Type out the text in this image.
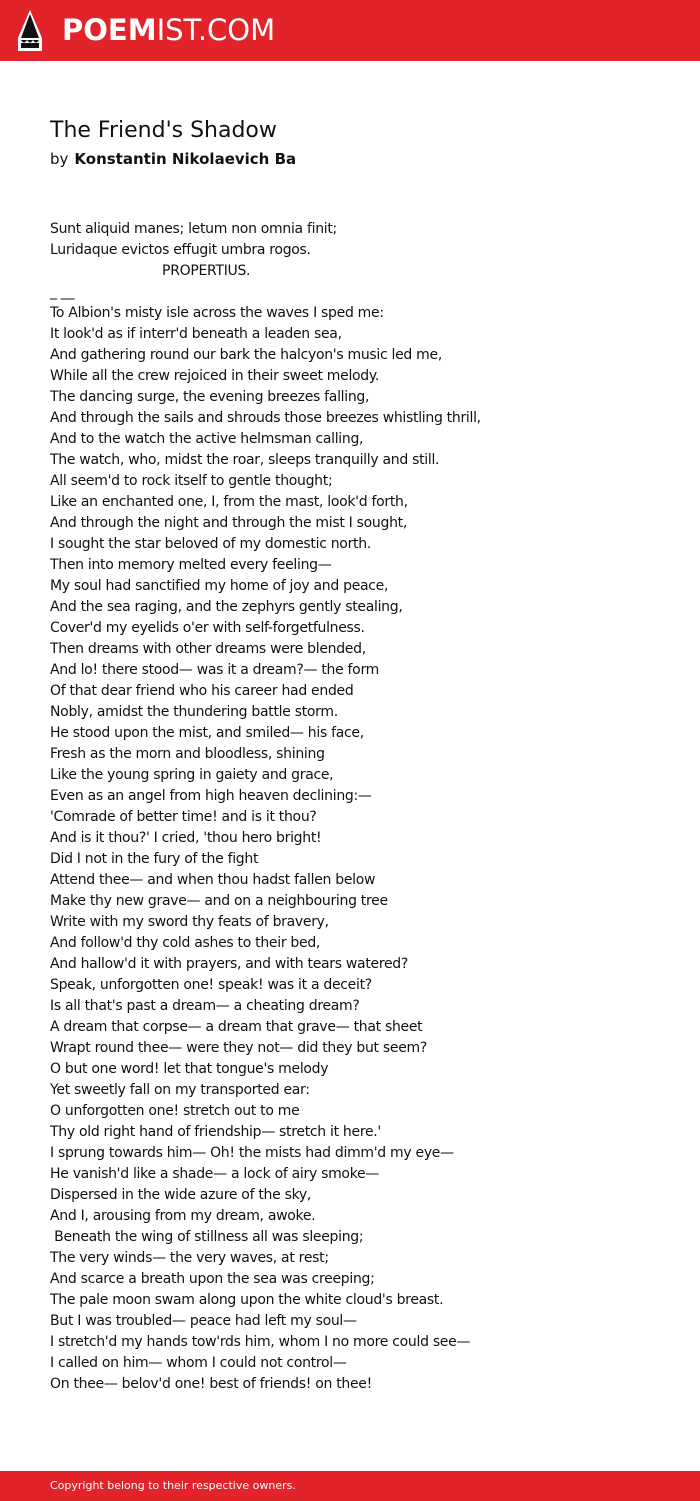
POEMIST.COM
The Friend's Shadow
by Konstantin Nikolaevich Ba
Sunt aliquid manes; letum non omnia finit;
Luridaque evictos effugit umbra rogos.
PROPERTIUS.
_ __
To Albion's misty isle across the waves I sped me:
It look'd as if interr'd beneath a leaden sea,
And gathering round our bark the halcyon's music led me,
While all the crew rejoiced in their sweet melody.
The dancing surge, the evening breezes falling,
And through the sails and shrouds those breezes whistling thrill,
And to the watch the active helmsman calling,
The watch, who, midst the roar, sleeps tranquilly and still.
All seem'd to rock itself to gentle thought;
Like an enchanted one, I, from the mast, look'd forth,
And through the night and through the mist I sought,
I sought the star beloved of my domestic north.
Then into memory melted every feeling—
My soul had sanctified my home of joy and peace,
And the sea raging, and the zephyrs gently stealing,
Cover'd my eyelids o'er with self-forgetfulness.
Then dreams with other dreams were blended,
And lo! there stood— was it a dream?— the form
Of that dear friend who his career had ended
Nobly, amidst the thundering battle storm.
He stood upon the mist, and smiled— his face,
Fresh as the morn and bloodless, shining
Like the young spring in gaiety and grace,
Even as an angel from high heaven declining:—
'Comrade of better time! and is it thou?
And is it thou?' I cried, 'thou hero bright!
Did I not in the fury of the fight
Attend thee— and when thou hadst fallen below
Make thy new grave— and on a neighbouring tree
Write with my sword thy feats of bravery,
And follow'd thy cold ashes to their bed,
And hallow'd it with prayers, and with tears watered?
Speak, unforgotten one! speak! was it a deceit?
Is all that's past a dream— a cheating dream?
A dream that corpse— a dream that grave— that sheet
Wrapt round thee— were they not— did they but seem?
O but one word! let that tongue's melody
Yet sweetly fall on my transported ear:
O unforgotten one! stretch out to me
Thy old right hand of friendship— stretch it here.'
I sprung towards him— Oh! the mists had dimm'd my eye—
He vanish'd like a shade— a lock of airy smoke—
Dispersed in the wide azure of the sky,
And I, arousing from my dream, awoke.
Beneath the wing of stillness all was sleeping;
The very winds— the very waves, at rest;
And scarce a breath upon the sea was creeping;
The pale moon swam along upon the white cloud's breast.
But I was troubled— peace had left my soul—
I stretch'd my hands tow'rds him, whom I no more could see—
I called on him— whom I could not control—
On thee— belov'd one! best of friends! on thee!
Copyright belong to their respective owners.
